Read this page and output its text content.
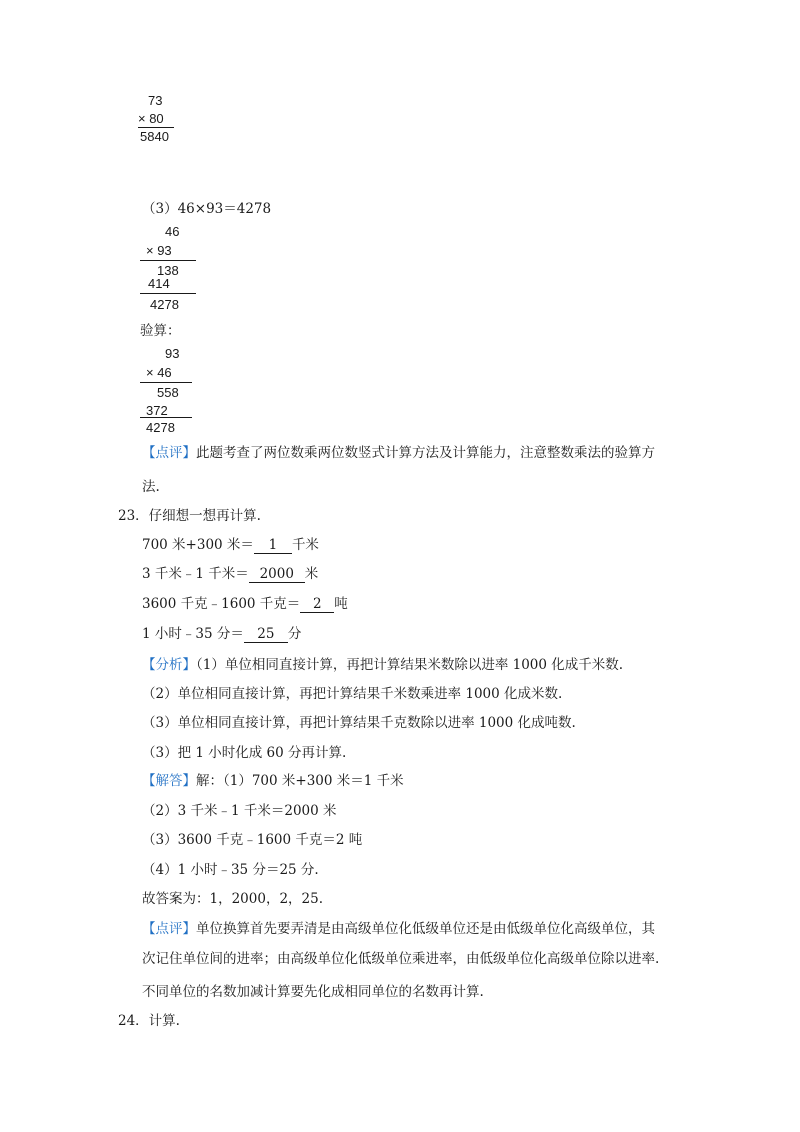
73
× 80
5840
（3）46×93＝4278
46
× 93
138
414
4278
验算：
93
× 46
558
372
4278
【点评】此题考查了两位数乘两位数竖式计算方法及计算能力，注意整数乘法的验算方
法.
23．仔细想一想再计算.
700 米+300 米＝ 1 千米
3 千米﹣1 千米＝ 2000 米
3600 千克﹣1600 千克＝ 2 吨
1 小时﹣35 分＝ 25 分
【分析】（1）单位相同直接计算，再把计算结果米数除以进率 1000 化成千米数.
（2）单位相同直接计算，再把计算结果千米数乘进率 1000 化成米数.
（3）单位相同直接计算，再把计算结果千克数除以进率 1000 化成吨数.
（3）把 1 小时化成 60 分再计算.
【解答】解：（1）700 米+300 米＝1 千米
（2）3 千米﹣1 千米＝2000 米
（3）3600 千克﹣1600 千克＝2 吨
（4）1 小时﹣35 分＝25 分.
故答案为：1，2000，2，25.
【点评】单位换算首先要弄清是由高级单位化低级单位还是由低级单位化高级单位，其
次记住单位间的进率；由高级单位化低级单位乘进率，由低级单位化高级单位除以进率.
不同单位的名数加减计算要先化成相同单位的名数再计算.
24．计算.
